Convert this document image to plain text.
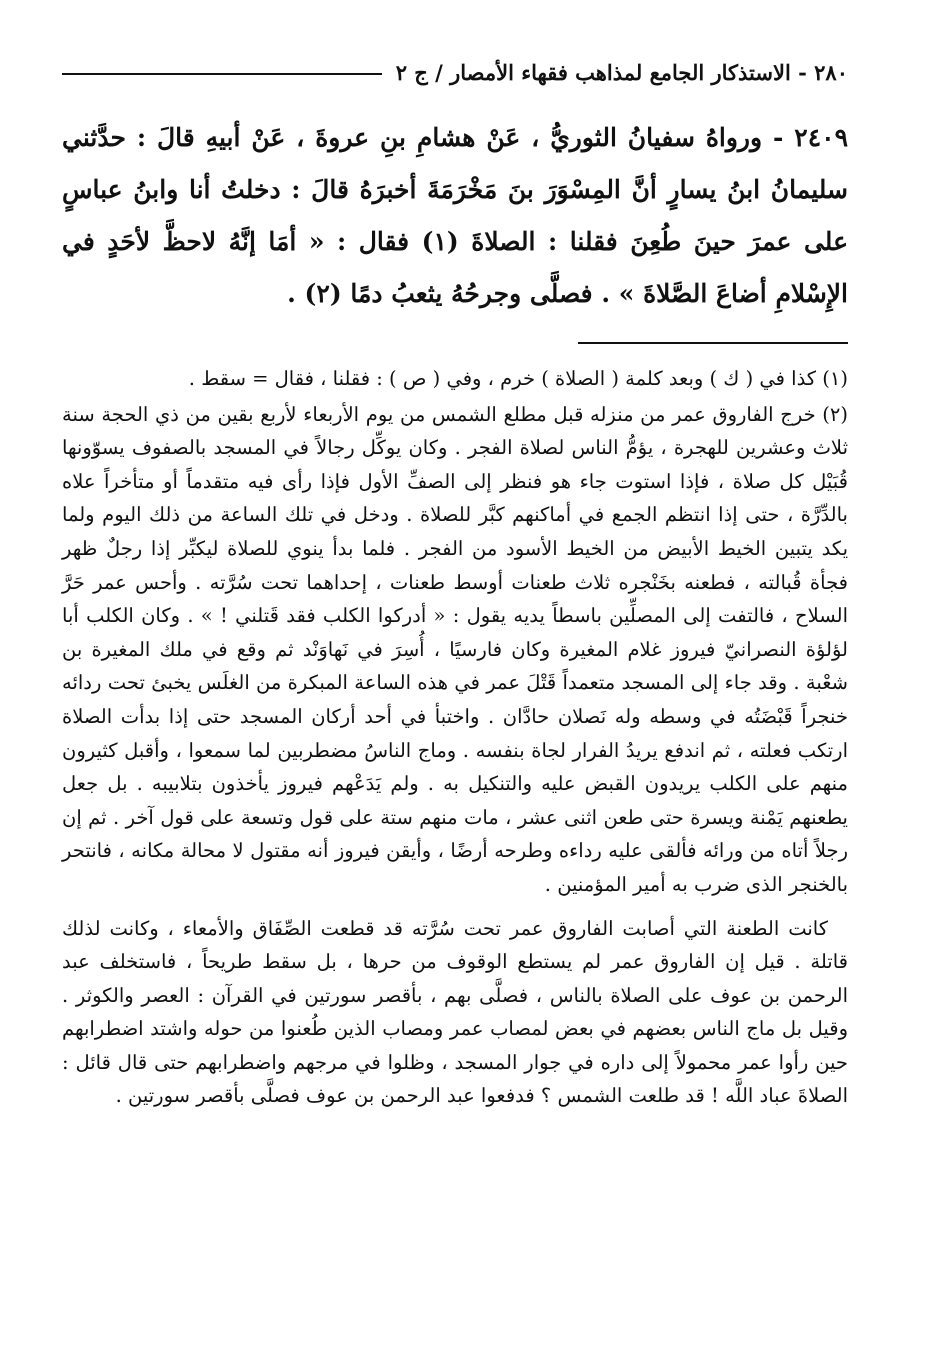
٢٨٠ - الاستذكار الجامع لمذاهب فقهاء الأمصار / ج ٢

٢٤٠٩ - ورواهُ سفيانُ الثوريُّ ، عَنْ هشامِ بنِ عروةَ ، عَنْ أبيهِ قالَ : حدَّثني سليمانُ ابنُ يسارٍ أنَّ المِسْوَرَ بنَ مَخْرَمَةَ أخبرَهُ قالَ : دخلتُ أنا وابنُ عباسٍ على عمرَ حينَ طُعِنَ فقلنا : الصلاةَ (١) فقال : « أمَا إنَّهُ لاحظَّ لأحَدٍ في الإِسْلامِ أضاعَ الصَّلاةَ » . فصلَّى وجرحُهُ يثعبُ دمًا (٢) .

(١) كذا في ( ك ) وبعد كلمة ( الصلاة ) خرم ، وفي ( ص ) : فقلنا ، فقال = سقط .

(٢) خرج الفاروق عمر من منزله قبل مطلع الشمس من يوم الأربعاء لأربع بقين من ذي الحجة سنة ثلاث وعشرين للهجرة ، يؤمُّ الناس لصلاة الفجر . وكان يوكِّل رجالاً في المسجد بالصفوف يسوّونها قُبَيْل كل صلاة ، فإذا استوت جاء هو فنظر إلى الصفِّ الأول فإذا رأى فيه متقدماً أو متأخراً علاه بالدِّرَّة ، حتى إذا انتظم الجمع في أماكنهم كبَّر للصلاة . ودخل في تلك الساعة من ذلك اليوم ولما يكد يتبين الخيط الأبيض من الخيط الأسود من الفجر . فلما بدأ ينوي للصلاة ليكبِّر إذا رجلٌ ظهر فجأة قُبالته ، فطعنه بخَنْجره ثلاث طعنات أوسط طعنات ، إحداهما تحت سُرَّته . وأحس عمر حَرَّ السلاح ، فالتفت إلى المصلِّين باسطاً يديه يقول : « أدركوا الكلب فقد قَتلني ! » . وكان الكلب أبا لؤلؤة النصرانيّ فيروز غلام المغيرة وكان فارسيًا ، أُسِرَ في نَهاوَنْد ثم وقع في ملك المغيرة بن شعْبة . وقد جاء إلى المسجد متعمداً قَتْلَ عمر في هذه الساعة المبكرة من الغلَس يخبئ تحت ردائه خنجراً قَبْضَتُه في وسطه وله نَصلان حادَّان . واختبأ في أحد أركان المسجد حتى إذا بدأت الصلاة ارتكب فعلته ، ثم اندفع يريدُ الفرار لجاة بنفسه . وماج الناسُ مضطربين لما سمعوا ، وأقبل كثيرون منهم على الكلب يريدون القبض عليه والتنكيل به . ولم يَدَعْهم فيروز يأخذون بتلابيبه . بل جعل يطعنهم يَمْنة ويسرة حتى طعن اثنى عشر ، مات منهم ستة على قول وتسعة على قول آخر . ثم إن رجلاً أتاه من ورائه فألقى عليه رداءه وطرحه أرضًا ، وأيقن فيروز أنه مقتول لا محالة مكانه ، فانتحر بالخنجر الذى ضرب به أمير المؤمنين .

كانت الطعنة التي أصابت الفاروق عمر تحت سُرَّته قد قطعت الصِّفَاق والأمعاء ، وكانت لذلك قاتلة . قيل إن الفاروق عمر لم يستطع الوقوف من حرها ، بل سقط طريحاً ، فاستخلف عبد الرحمن بن عوف على الصلاة بالناس ، فصلَّى بهم ، بأقصر سورتين في القرآن : العصر والكوثر . وقيل بل ماج الناس بعضهم في بعض لمصاب عمر ومصاب الذين طُعنوا من حوله واشتد اضطرابهم حين رأوا عمر محمولاً إلى داره في جوار المسجد ، وظلوا في مرجهم واضطرابهم حتى قال قائل : الصلاةَ عباد اللَّه ! قد طلعت الشمس ؟ فدفعوا عبد الرحمن بن عوف فصلَّى بأقصر سورتين .
